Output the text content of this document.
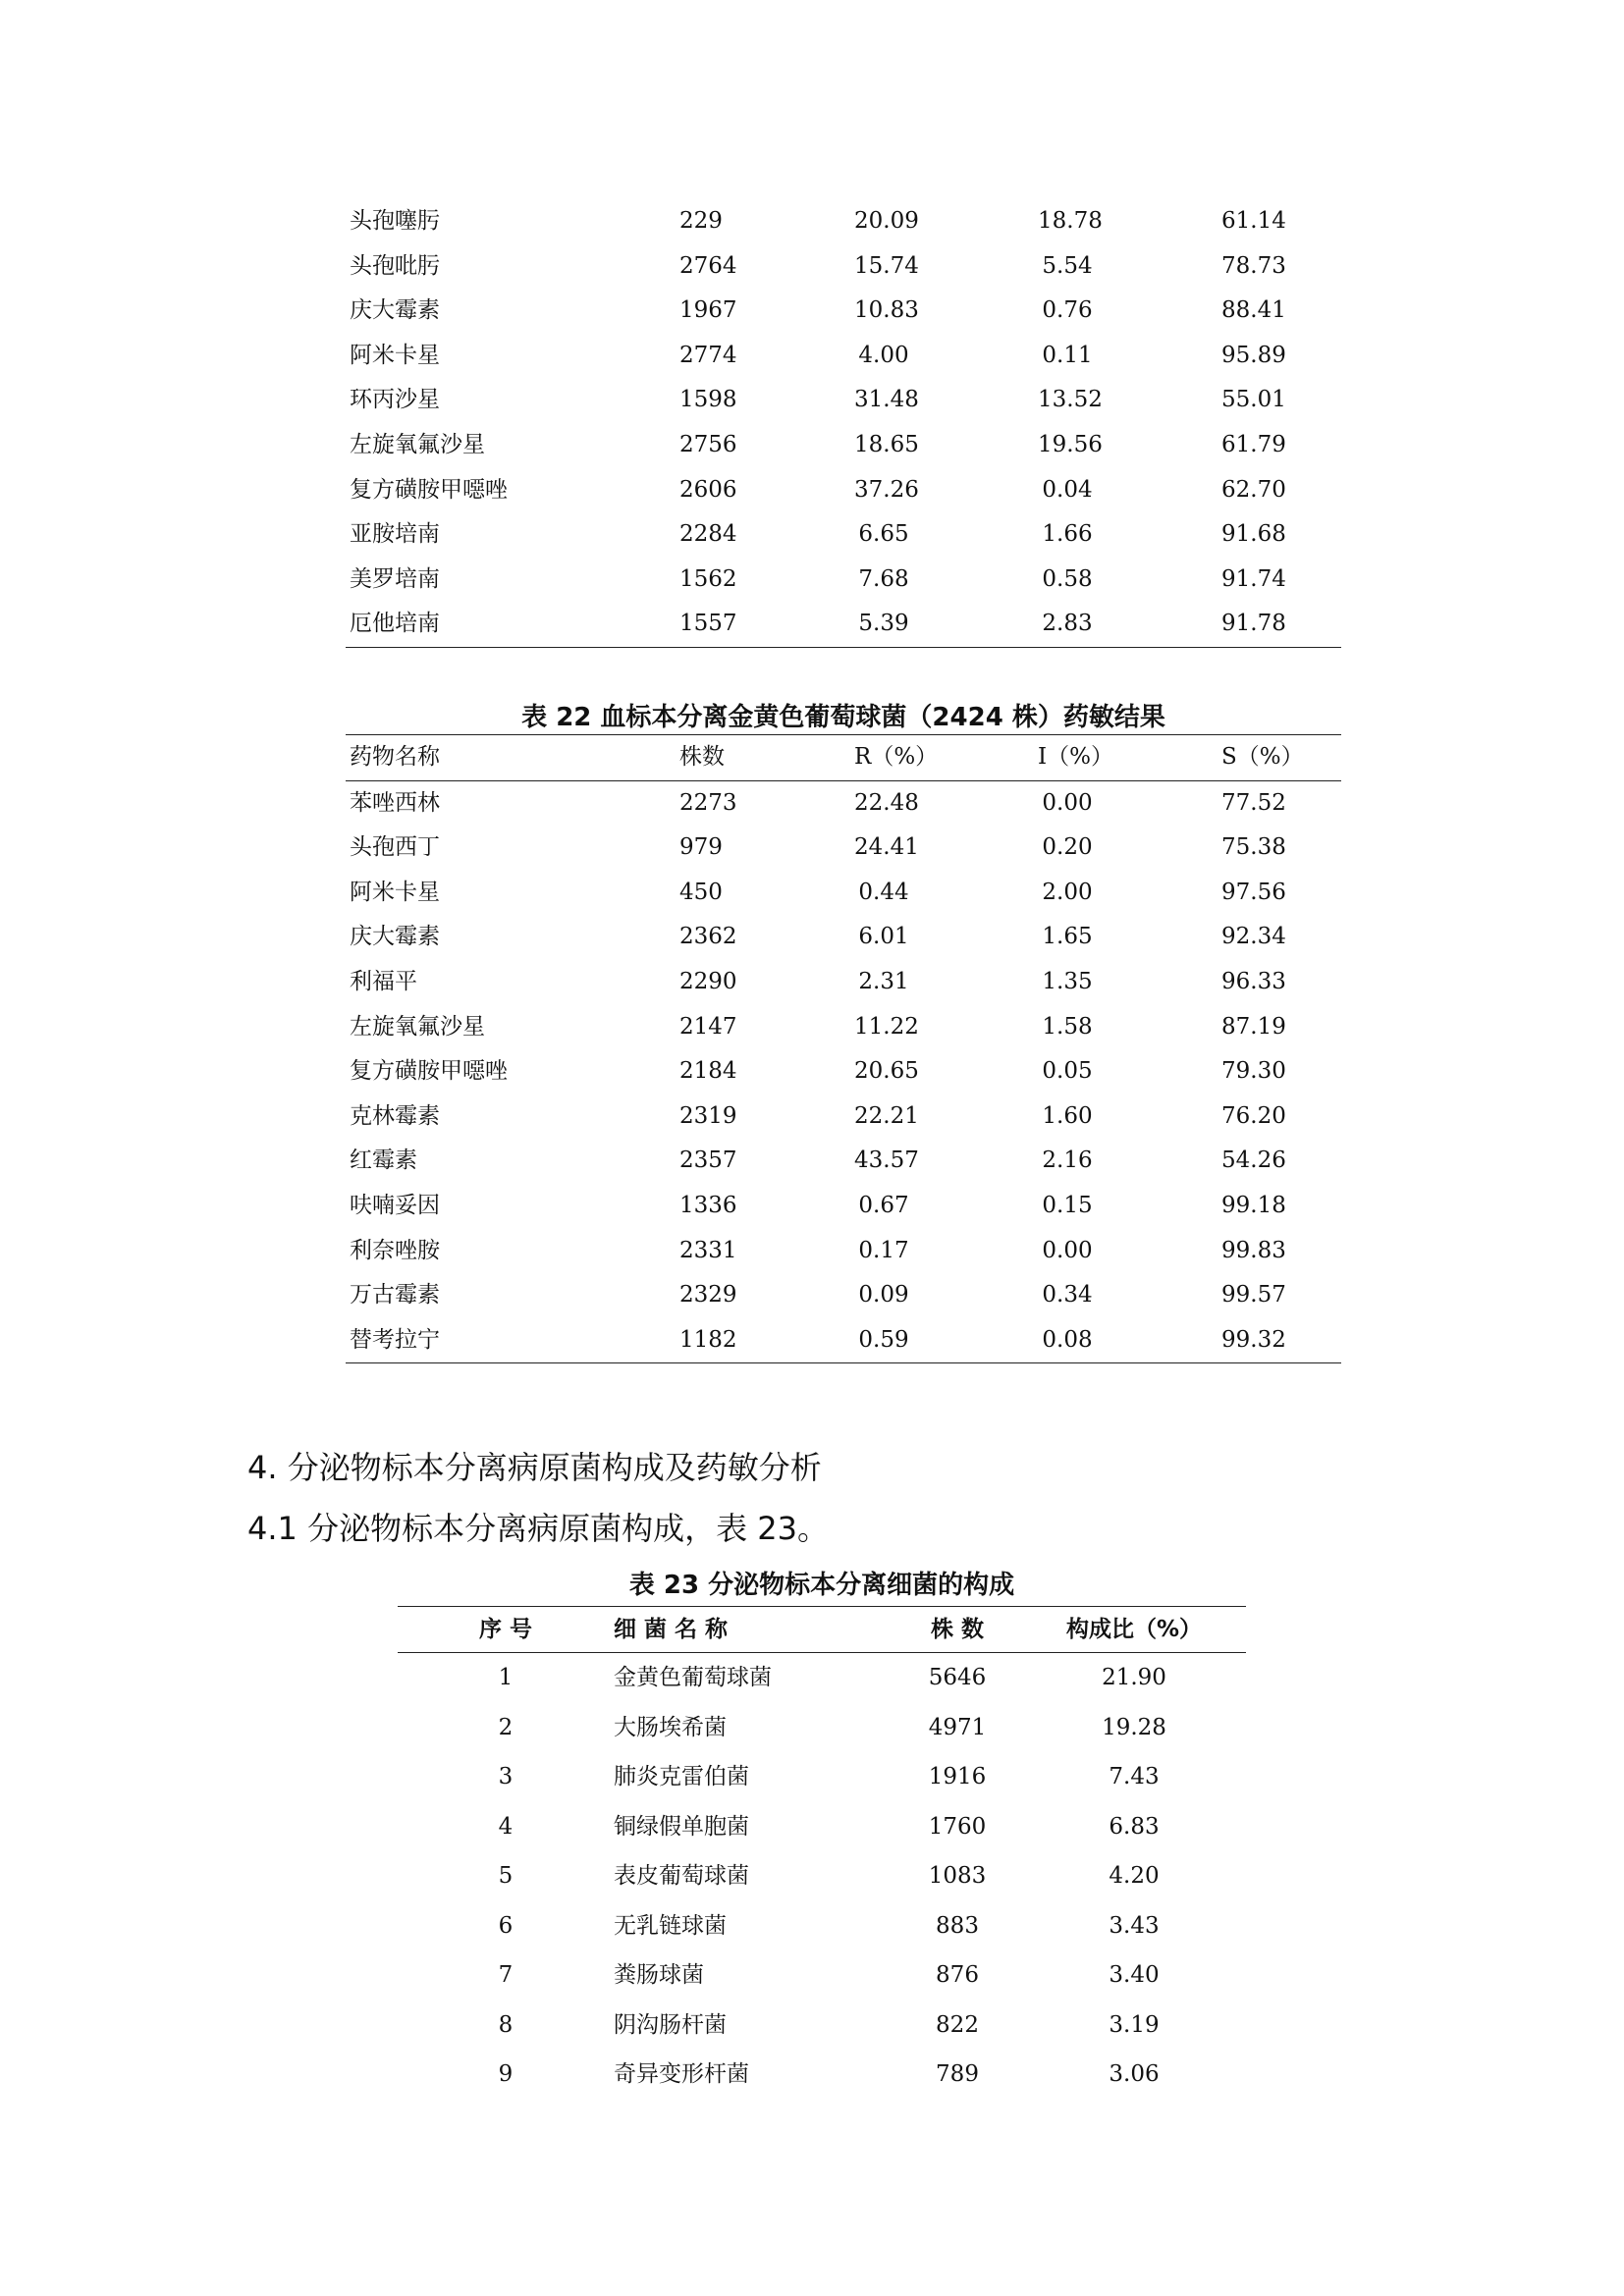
头孢噻肟	229	20.09	18.78	61.14
头孢吡肟	2764	15.74	5.54	78.73
庆大霉素	1967	10.83	0.76	88.41
阿米卡星	2774	4.00	0.11	95.89
环丙沙星	1598	31.48	13.52	55.01
左旋氧氟沙星	2756	18.65	19.56	61.79
复方磺胺甲噁唑	2606	37.26	0.04	62.70
亚胺培南	2284	6.65	1.66	91.68
美罗培南	1562	7.68	0.58	91.74
厄他培南	1557	5.39	2.83	91.78
表 22 血标本分离金黄色葡萄球菌（2424 株）药敏结果
药物名称	株数	R（%）	I（%）	S（%）
苯唑西林	2273	22.48	0.00	77.52
头孢西丁	979	24.41	0.20	75.38
阿米卡星	450	0.44	2.00	97.56
庆大霉素	2362	6.01	1.65	92.34
利福平	2290	2.31	1.35	96.33
左旋氧氟沙星	2147	11.22	1.58	87.19
复方磺胺甲噁唑	2184	20.65	0.05	79.30
克林霉素	2319	22.21	1.60	76.20
红霉素	2357	43.57	2.16	54.26
呋喃妥因	1336	0.67	0.15	99.18
利奈唑胺	2331	0.17	0.00	99.83
万古霉素	2329	0.09	0.34	99.57
替考拉宁	1182	0.59	0.08	99.32
4. 分泌物标本分离病原菌构成及药敏分析
4.1 分泌物标本分离病原菌构成，表 23。
表 23 分泌物标本分离细菌的构成
序 号	细 菌 名 称	株 数	构成比（%）
1	金黄色葡萄球菌	5646	21.90
2	大肠埃希菌	4971	19.28
3	肺炎克雷伯菌	1916	7.43
4	铜绿假单胞菌	1760	6.83
5	表皮葡萄球菌	1083	4.20
6	无乳链球菌	883	3.43
7	粪肠球菌	876	3.40
8	阴沟肠杆菌	822	3.19
9	奇异变形杆菌	789	3.06
